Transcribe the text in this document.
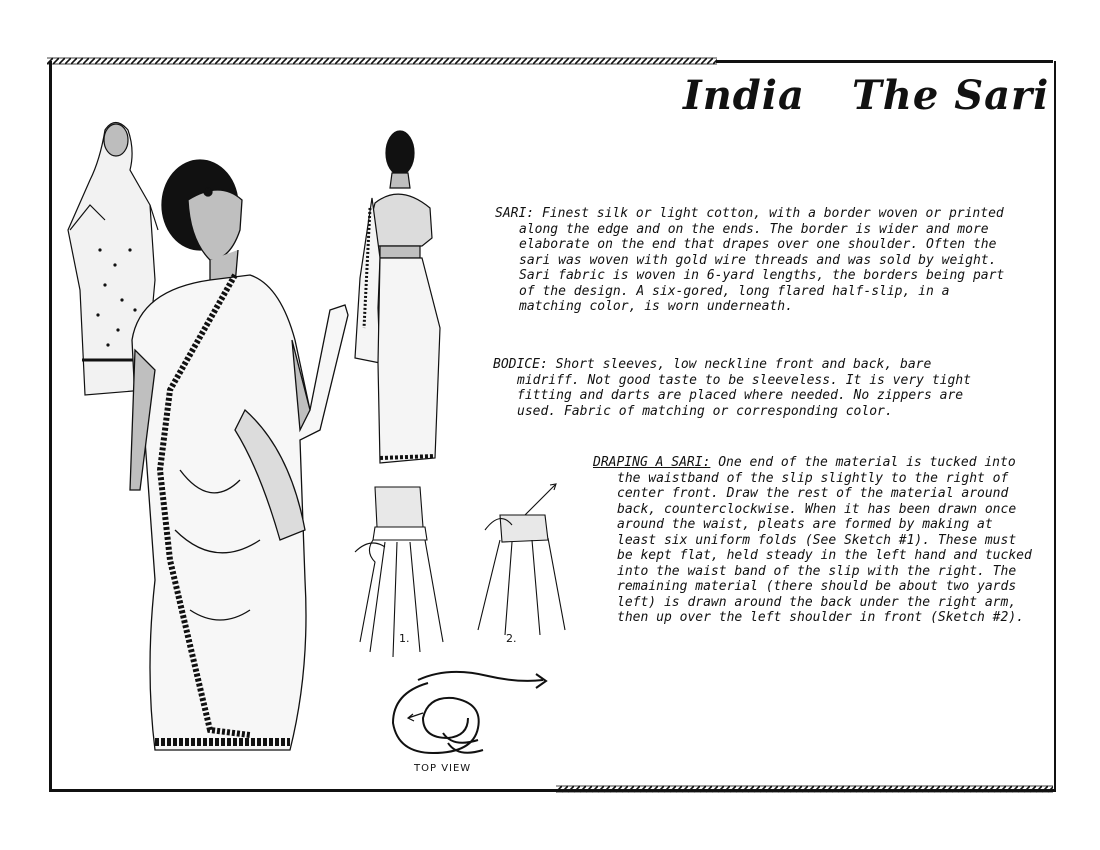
India The Sari
SARI: Finest silk or light cotton, with a border woven or printed along the edge and on the ends. The border is wider and more elaborate on the end that drapes over one shoulder. Often the sari was woven with gold wire threads and was sold by weight. Sari fabric is woven in 6-yard lengths, the borders being part of the design. A six-gored, long flared half-slip, in a matching color, is worn underneath.
BODICE: Short sleeves, low neckline front and back, bare midriff. Not good taste to be sleeveless. It is very tight fitting and darts are placed where needed. No zippers are used. Fabric of matching or corresponding color.
DRAPING A SARI: One end of the material is tucked into the waistband of the slip slightly to the right of center front. Draw the rest of the material around back, counterclockwise. When it has been drawn once around the waist, pleats are formed by making at least six uniform folds (See Sketch #1). These must be kept flat, held steady in the left hand and tucked into the waist band of the slip with the right. The remaining material (there should be about two yards left) is drawn around the back under the right arm, then up over the left shoulder in front (Sketch #2).
1.	2.
TOP VIEW
